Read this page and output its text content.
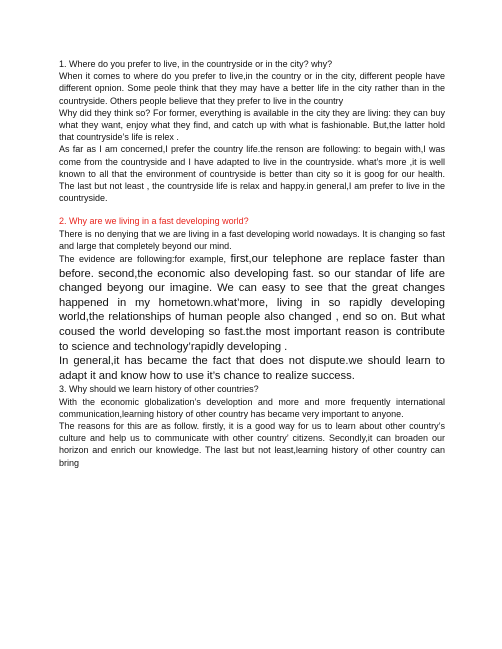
1. Where do you prefer to live, in the countryside or in the city? why?

When it comes to where do you prefer to live,in the country or in the city, different people have different opnion. Some peole think that they may have a better life in the city rather than in the countryside. Others people believe that they prefer to live in the country

Why did they think so? For former, everything is available in the city they are living: they can buy what they want, enjoy what they find, and catch up with what is fashionable. But,the latter hold that countryside’s life is relex .

As far as I am concerned,I prefer the country life.the renson are following: to begain with,I was come from the countryside and I have adapted to live in the countryside. what’s more ,it is well known to all that the environment of countryside is better than city so it is goog for our health. The last but not least , the countryside life is relax and happy.in general,I am prefer to live in the countryside.

2. Why are we living in a fast developing world?

There is no denying that we are living in a fast developing world nowadays. It is changing so fast and large that completely beyond our mind.

The evidence are following:for example, first,our telephone are replace faster than before. second,the economic also developing fast. so our standar of life are changed beyong our imagine. We can easy to see that the great changes happened in my hometown.what’more, living in so rapidly developing world,the relationships of human people also changed , end so on. But what coused the world developing so fast.the most important reason is contribute to science and technology’rapidly developing .

In general,it has became the fact that does not dispute.we should learn to adapt it and know how to use it’s chance to realize success.

3. Why should we learn history of other countries?

With the economic globalization’s develoption and more and more frequently international communication,learning history of other country has became very important to anyone.

The reasons for this are as follow. firstly, it is a good way for us to learn about other country’s culture and help us to communicate with other country’ citizens. Secondly,it can broaden our horizon and enrich our knowledge. The last but not least,learning history of other country can bring
